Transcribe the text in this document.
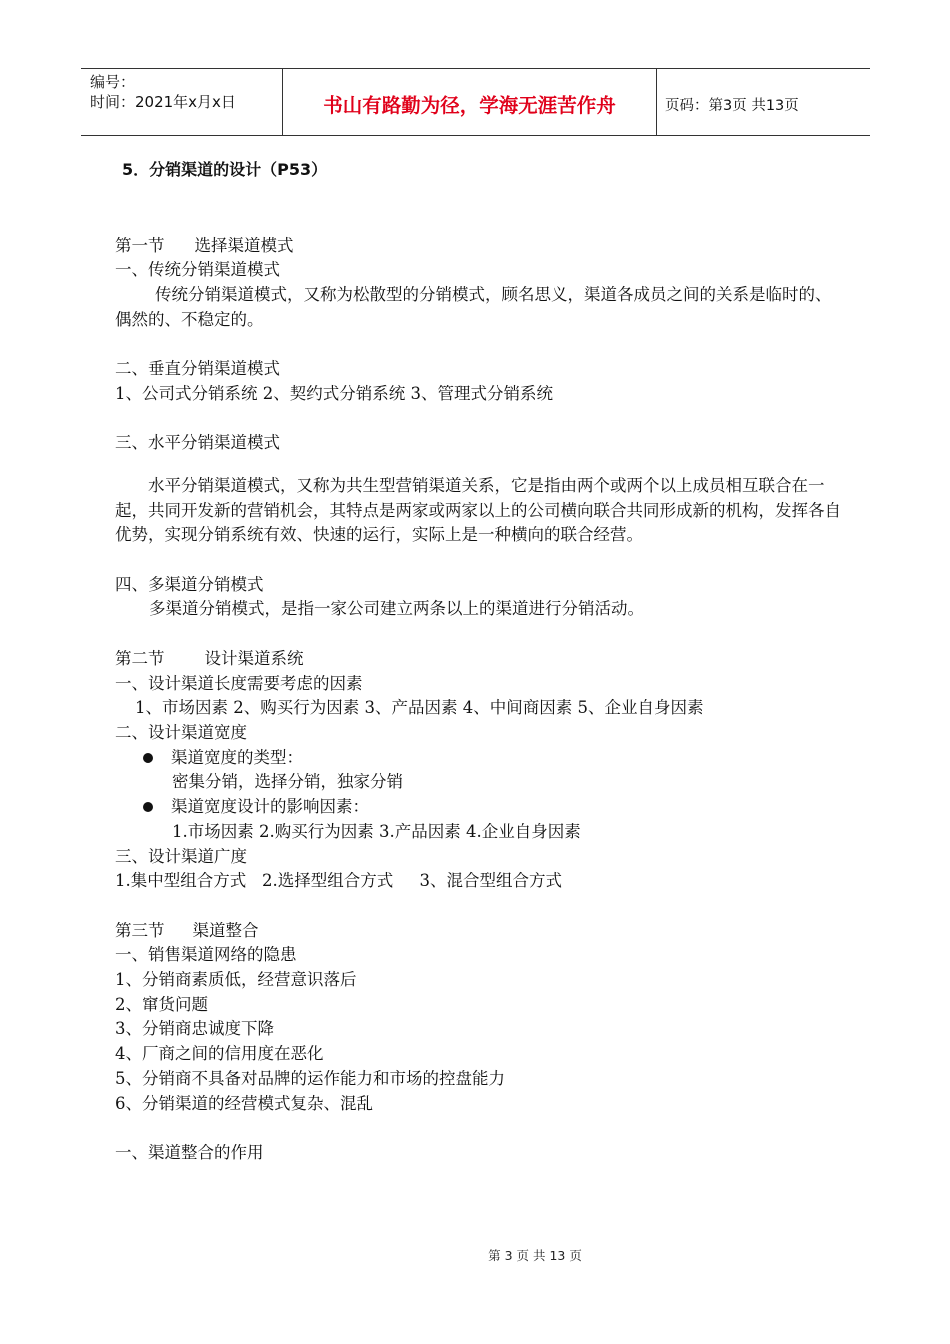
编号：
时间：2021年x月x日	书山有路勤为径，学海无涯苦作舟	页码：第3页 共13页
5．分销渠道的设计（P53）
第一节 选择渠道模式
一、传统分销渠道模式
传统分销渠道模式，又称为松散型的分销模式，顾名思义，渠道各成员之间的关系是临时的、偶然的、不稳定的。
二、垂直分销渠道模式
1、公司式分销系统 2、契约式分销系统 3、管理式分销系统
三、水平分销渠道模式
水平分销渠道模式，又称为共生型营销渠道关系，它是指由两个或两个以上成员相互联合在一起，共同开发新的营销机会，其特点是两家或两家以上的公司横向联合共同形成新的机构，发挥各自优势，实现分销系统有效、快速的运行，实际上是一种横向的联合经营。
四、多渠道分销模式
多渠道分销模式，是指一家公司建立两条以上的渠道进行分销活动。
第二节 设计渠道系统
一、设计渠道长度需要考虑的因素
1、市场因素 2、购买行为因素 3、产品因素 4、中间商因素 5、企业自身因素
二、设计渠道宽度
渠道宽度的类型：
密集分销，选择分销，独家分销
渠道宽度设计的影响因素：
1.市场因素 2.购买行为因素 3.产品因素 4.企业自身因素
三、设计渠道广度
1.集中型组合方式   2.选择型组合方式     3、混合型组合方式
第三节 渠道整合
一、销售渠道网络的隐患
1、分销商素质低，经营意识落后
2、窜货问题
3、分销商忠诚度下降
4、厂商之间的信用度在恶化
5、分销商不具备对品牌的运作能力和市场的控盘能力
6、分销渠道的经营模式复杂、混乱
一、渠道整合的作用
第 3 页 共 13 页
